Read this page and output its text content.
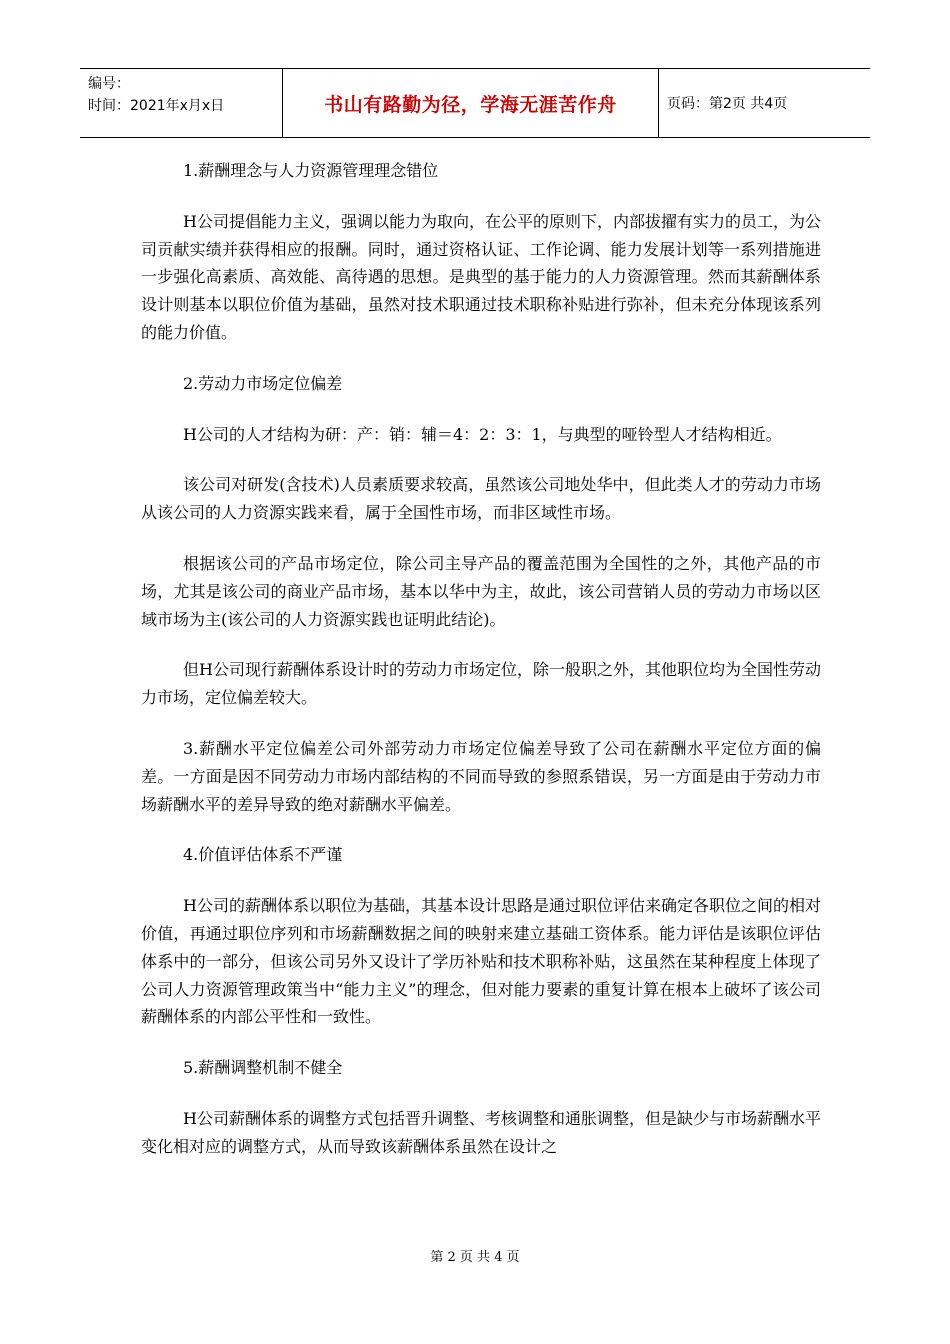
编号：
时间：2021年x月x日	书山有路勤为径，学海无涯苦作舟	页码：第2页 共4页

1.薪酬理念与人力资源管理理念错位

H公司提倡能力主义，强调以能力为取向，在公平的原则下，内部拔擢有实力的员工，为公司贡献实绩并获得相应的报酬。同时，通过资格认证、工作论调、能力发展计划等一系列措施进一步强化高素质、高效能、高待遇的思想。是典型的基于能力的人力资源管理。然而其薪酬体系设计则基本以职位价值为基础，虽然对技术职通过技术职称补贴进行弥补，但未充分体现该系列的能力价值。

2.劳动力市场定位偏差

H公司的人才结构为研：产：销：辅＝4：2：3：1，与典型的哑铃型人才结构相近。

该公司对研发(含技术)人员素质要求较高，虽然该公司地处华中，但此类人才的劳动力市场从该公司的人力资源实践来看，属于全国性市场，而非区域性市场。

根据该公司的产品市场定位，除公司主导产品的覆盖范围为全国性的之外，其他产品的市场，尤其是该公司的商业产品市场，基本以华中为主，故此，该公司营销人员的劳动力市场以区域市场为主(该公司的人力资源实践也证明此结论)。

但H公司现行薪酬体系设计时的劳动力市场定位，除一般职之外，其他职位均为全国性劳动力市场，定位偏差较大。

3.薪酬水平定位偏差公司外部劳动力市场定位偏差导致了公司在薪酬水平定位方面的偏差。一方面是因不同劳动力市场内部结构的不同而导致的参照系错误，另一方面是由于劳动力市场薪酬水平的差异导致的绝对薪酬水平偏差。

4.价值评估体系不严谨

H公司的薪酬体系以职位为基础，其基本设计思路是通过职位评估来确定各职位之间的相对价值，再通过职位序列和市场薪酬数据之间的映射来建立基础工资体系。能力评估是该职位评估体系中的一部分，但该公司另外又设计了学历补贴和技术职称补贴，这虽然在某种程度上体现了公司人力资源管理政策当中“能力主义”的理念，但对能力要素的重复计算在根本上破坏了该公司薪酬体系的内部公平性和一致性。

5.薪酬调整机制不健全

H公司薪酬体系的调整方式包括晋升调整、考核调整和通胀调整，但是缺少与市场薪酬水平变化相对应的调整方式，从而导致该薪酬体系虽然在设计之

第 2 页 共 4 页
